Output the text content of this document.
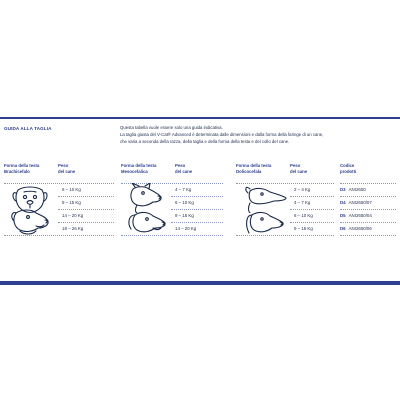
GUIDA ALLA TAGLIA	Questa tabella vuole essere solo una guida indicativa.

La taglia giusta del V-Cat® Advanced è determinata dalle dimensioni e dalla forma della faringe di un cane,

che varia a seconda della razza, della taglia e della forma della testa e del collo del cane.

Forma della testa
Brachicefalo
Peso
del cane
6 – 10 Kg
9 – 15 Kg
14 – 20 Kg
18 – 26 Kg
Forma della testa
Mesocefalica
Peso
del cane
4 – 7 Kg
6 – 10 Kg
9 – 15 Kg
14 – 20 Kg
Forma della testa
Dolicocefala
Peso
del cane
2 – 4 Kg
4 – 7 Kg
6 – 10 Kg
9 – 15 Kg
Codice
prodotti
D3 ANI2650
D4 ANI2650/07
D5 ANI2650/04
D6 ANI2650/06
